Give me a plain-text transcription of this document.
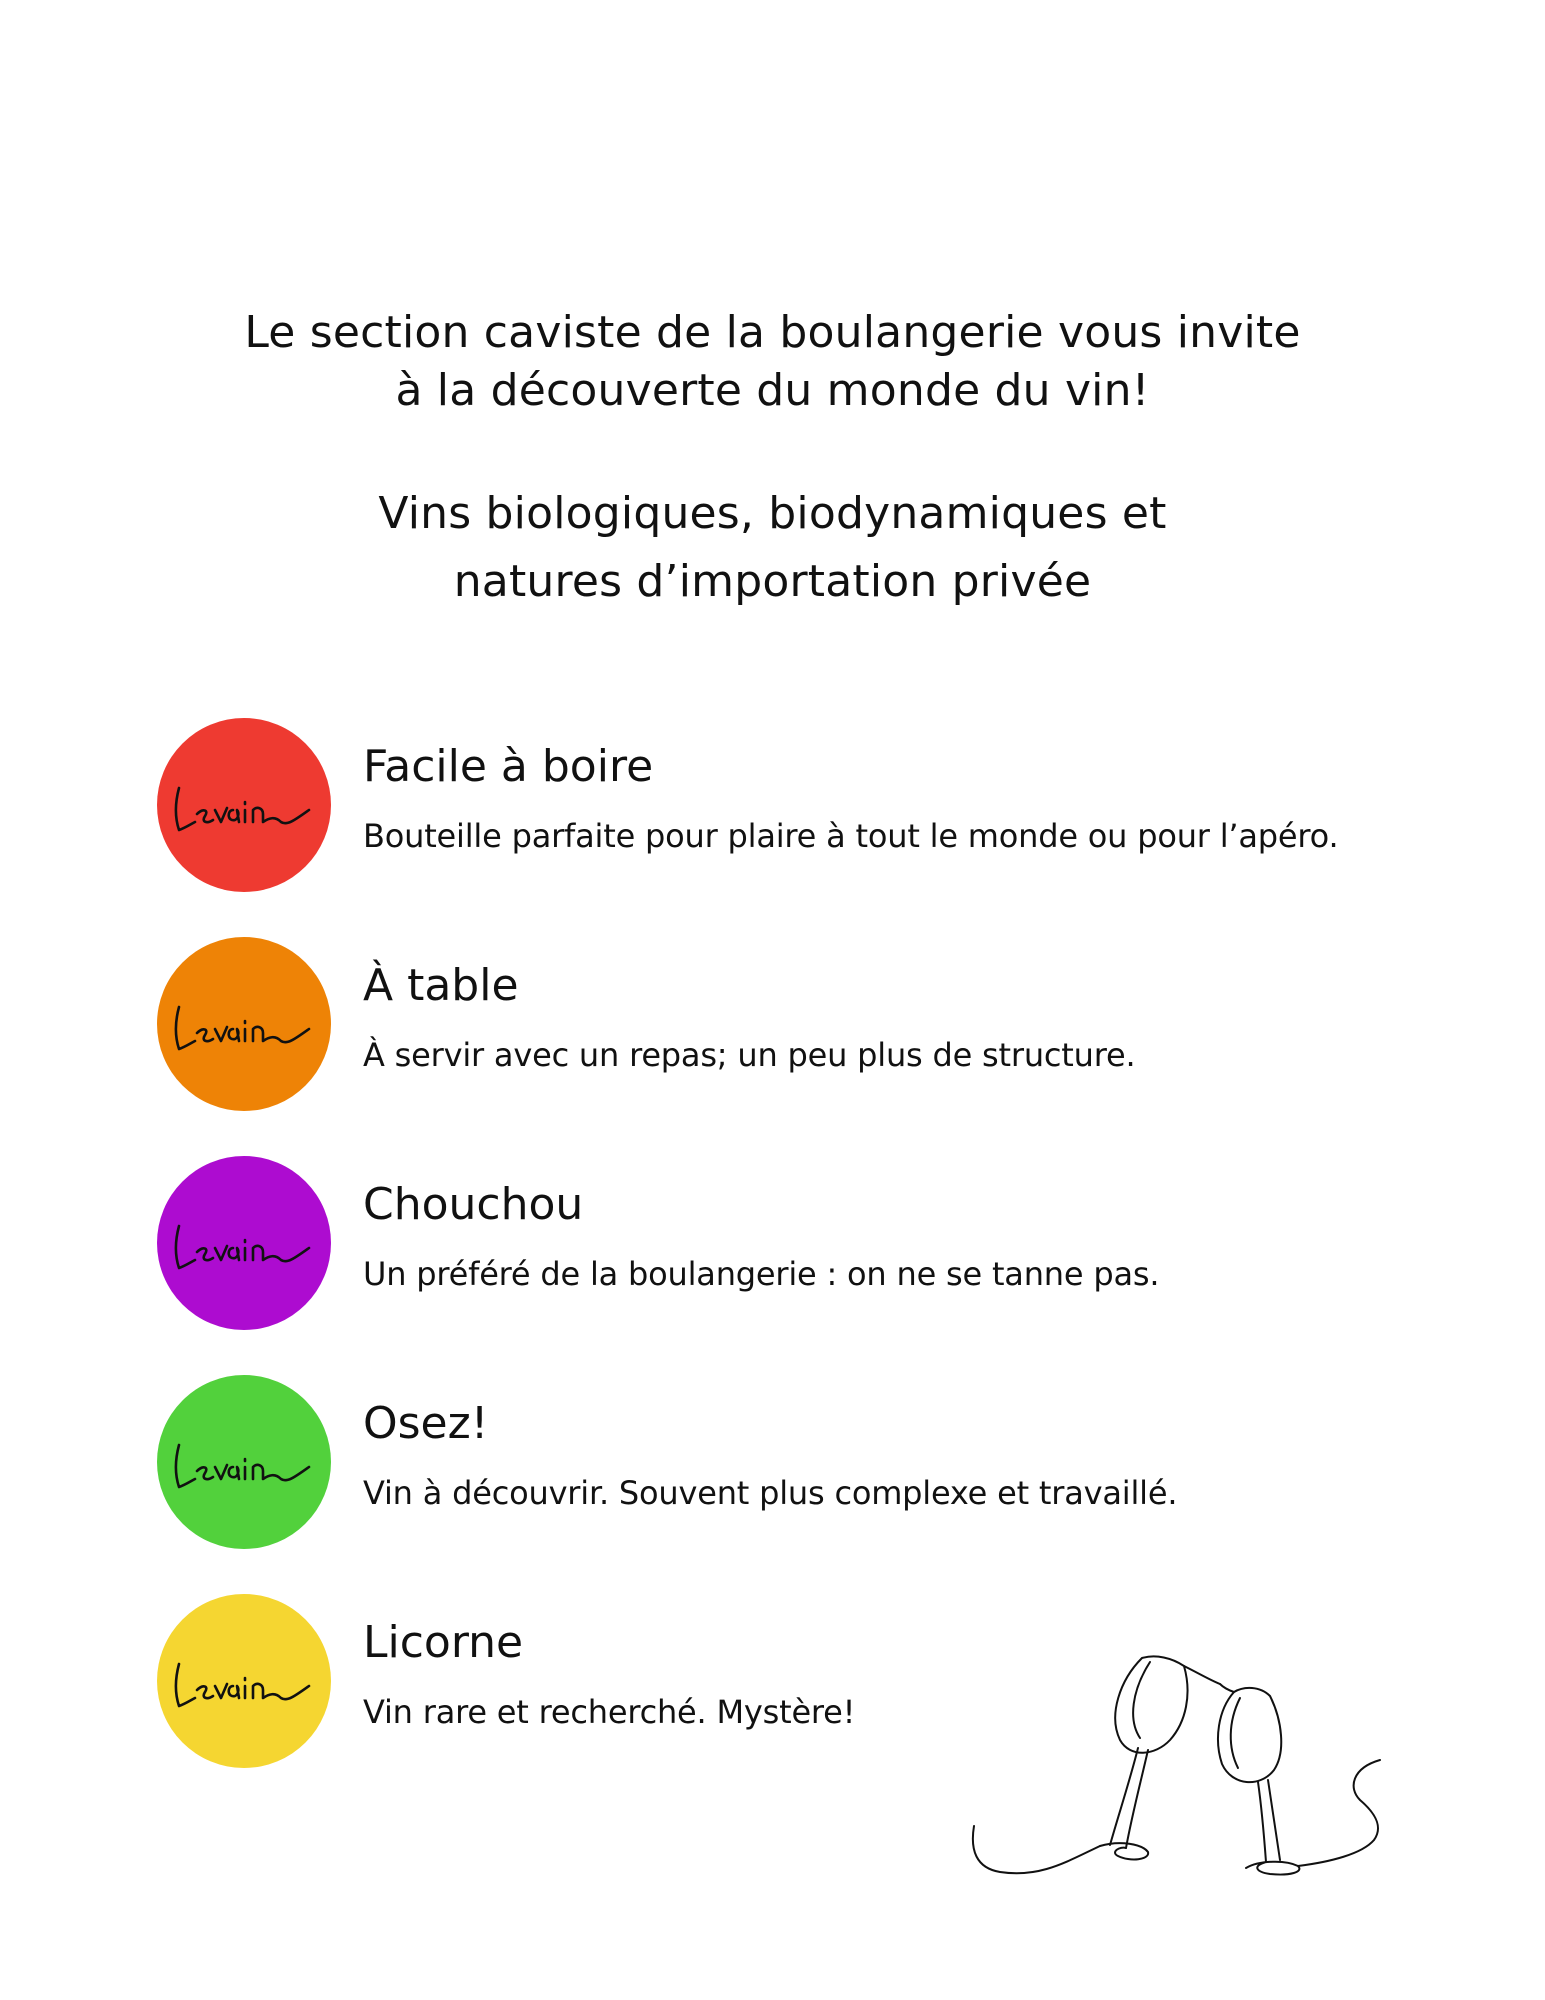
Le section caviste de la boulangerie vous invite
à la découverte du monde du vin!
Vins biologiques, biodynamiques et
natures d’importation privée
Levain
Facile à boire
Bouteille parfaite pour plaire à tout le monde ou pour l’apéro.
À table
À servir avec un repas; un peu plus de structure.
Chouchou
Un préféré de la boulangerie : on ne se tanne pas.
Osez!
Vin à découvrir. Souvent plus complexe et travaillé.
Licorne
Vin rare et recherché. Mystère!
